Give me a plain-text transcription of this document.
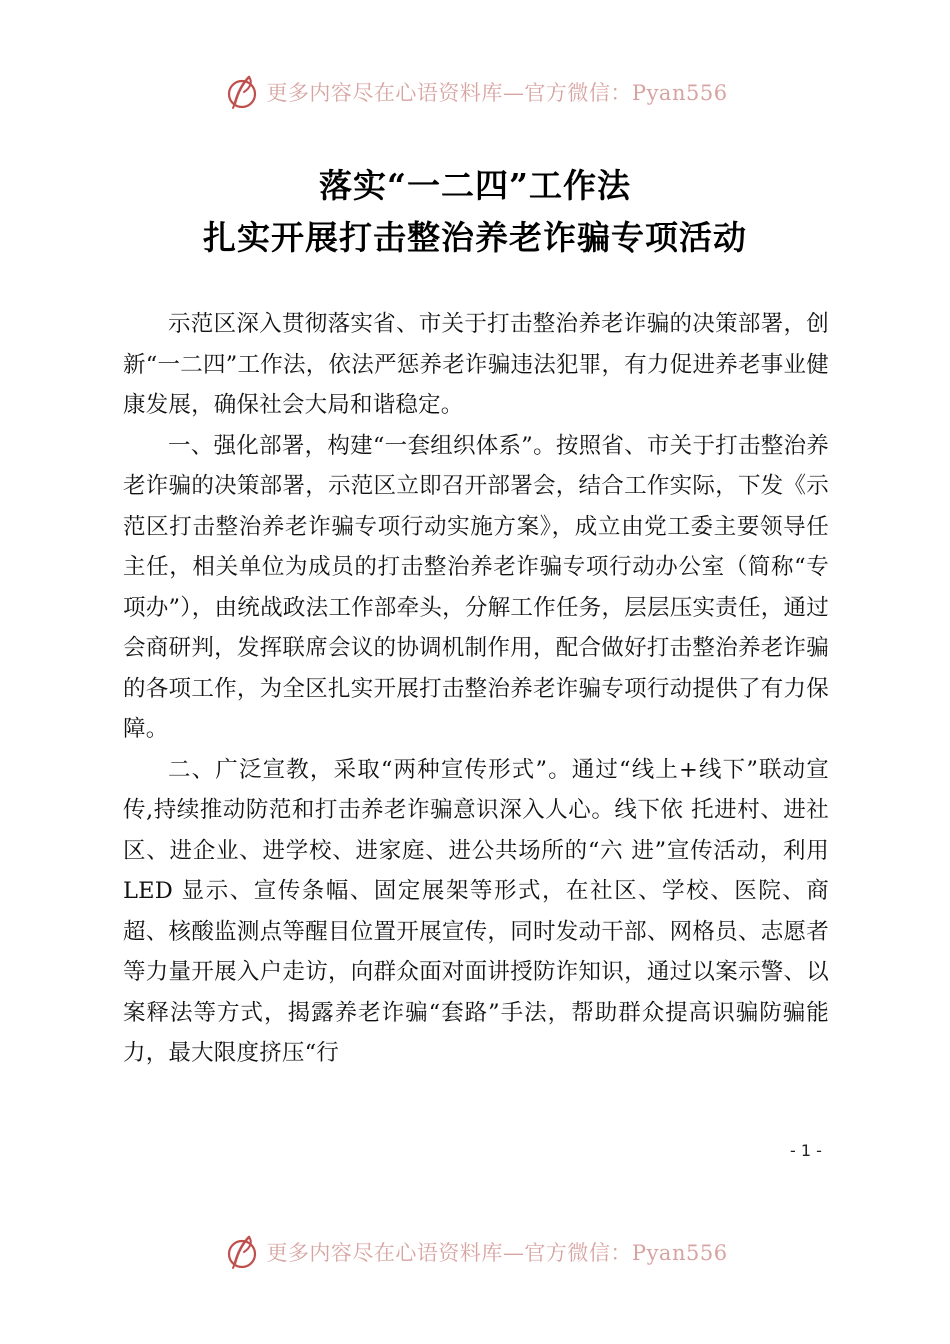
更多内容尽在心语资料库—官方微信：Pyan556
落实“一二四”工作法
扎实开展打击整治养老诈骗专项活动

示范区深入贯彻落实省、市关于打击整治养老诈骗的决策部署，创新“一二四”工作法，依法严惩养老诈骗违法犯罪，有力促进养老事业健康发展，确保社会大局和谐稳定。

一、强化部署，构建“一套组织体系”。按照省、市关于打击整治养老诈骗的决策部署，示范区立即召开部署会，结合工作实际，下发《示范区打击整治养老诈骗专项行动实施方案》，成立由党工委主要领导任主任，相关单位为成员的打击整治养老诈骗专项行动办公室（简称“专项办”），由统战政法工作部牵头，分解工作任务，层层压实责任，通过会商研判，发挥联席会议的协调机制作用，配合做好打击整治养老诈骗的各项工作，为全区扎实开展打击整治养老诈骗专项行动提供了有力保障。

二、广泛宣教，采取“两种宣传形式”。通过“线上+线下”联动宣传,持续推动防范和打击养老诈骗意识深入人心。线下依 托进村、进社区、进企业、进学校、进家庭、进公共场所的“六 进”宣传活动，利用 LED 显示、宣传条幅、固定展架等形式，在社区、学校、医院、商超、核酸监测点等醒目位置开展宣传，同时发动干部、网格员、志愿者等力量开展入户走访，向群众面对面讲授防诈知识，通过以案示警、以案释法等方式，揭露养老诈骗“套路”手法，帮助群众提高识骗防骗能力，最大限度挤压“行

- 1 -
更多内容尽在心语资料库—官方微信：Pyan556
